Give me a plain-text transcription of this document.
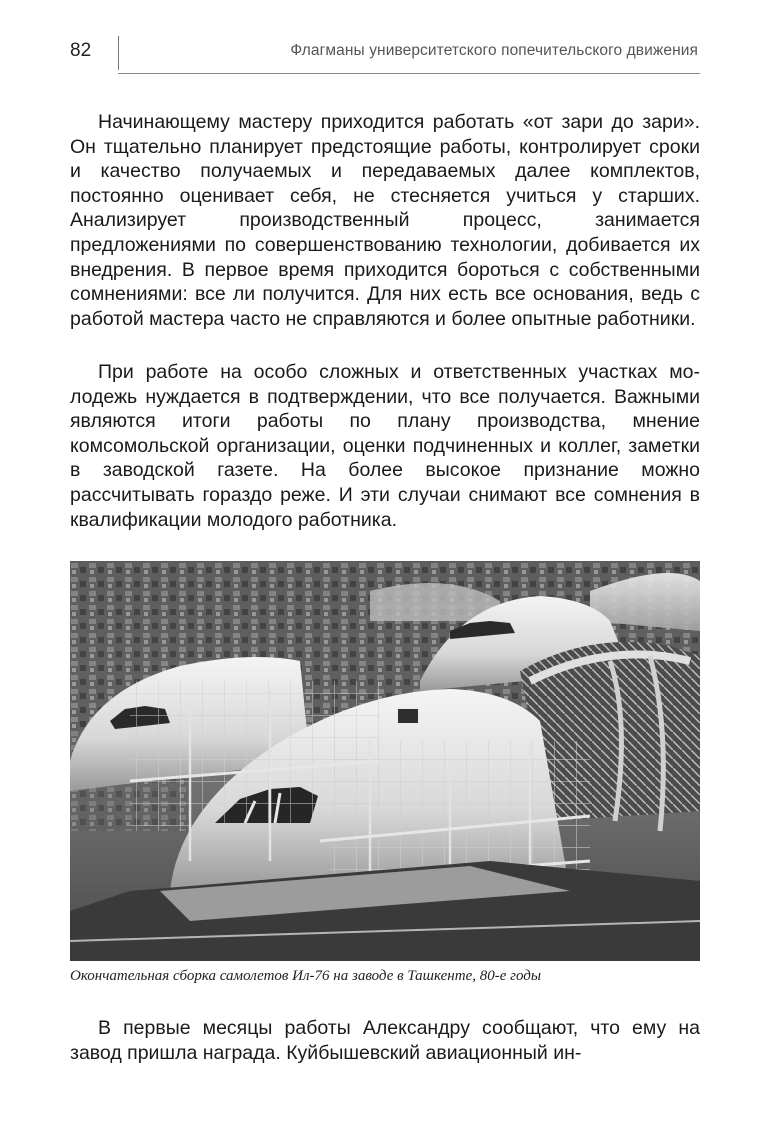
82	Флагманы университетского попечительского движения

Начинающему мастеру приходится работать «от зари до зари». Он тщательно планирует предстоящие работы, контролирует сроки и качество получаемых и передаваемых далее комплектов, постоянно оценивает себя, не стесняется учиться у старших. Анализирует производственный процесс, занимается предложениями по совершенствованию технологии, добивается их внедрения. В первое время приходится бороться с собственными сомнениями: все ли получится. Для них есть все основания, ведь с работой мастера часто не справляются и более опытные работники.

При работе на особо сложных и ответственных участках молодежь нуждается в подтверждении, что все получается. Важными являются итоги работы по плану производства, мнение комсомольской организации, оценки подчиненных и коллег, заметки в заводской газете. На более высокое признание можно рассчитывать гораздо реже. И эти случаи снимают все сомнения в квалификации молодого работника.

Окончательная сборка самолетов Ил-76 на заводе в Ташкенте, 80-е годы

В первые месяцы работы Александру сообщают, что ему на завод пришла награда. Куйбышевский авиационный ин-
